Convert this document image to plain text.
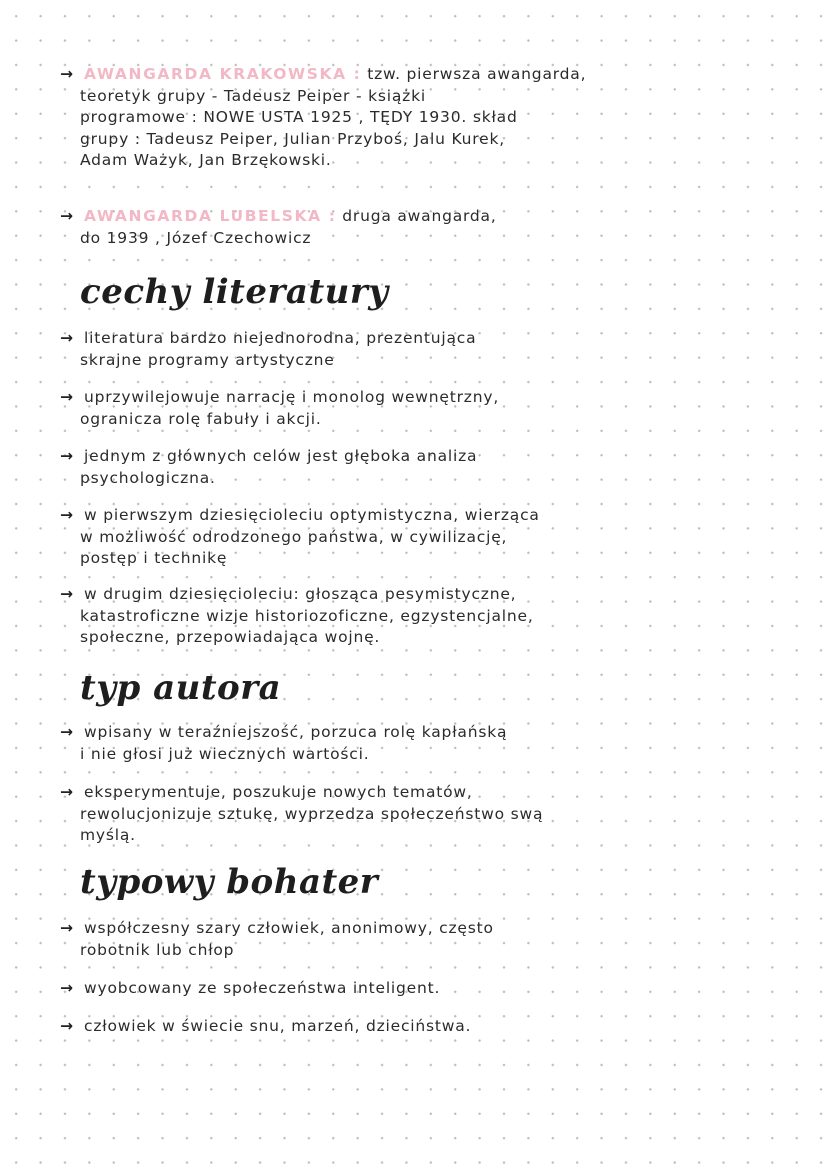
→ AWANGARDA KRAKOWSKA : tzw. pierwsza awangarda,
teoretyk grupy - Tadeusz Peiper - książki
programowe : NOWE USTA 1925 , TĘDY 1930. skład
grupy : Tadeusz Peiper, Julian Przyboś, Jalu Kurek,
Adam Ważyk, Jan Brzękowski.
→ AWANGARDA LUBELSKA : druga awangarda,
do 1939 , Józef Czechowicz
cechy literatury
→ literatura bardzo niejednorodna, prezentująca
skrajne programy artystyczne
→ uprzywilejowuje narrację i monolog wewnętrzny,
ogranicza rolę fabuły i akcji.
→ jednym z głównych celów jest głęboka analiza
psychologiczna.
→ w pierwszym dziesięcioleciu optymistyczna, wierząca
w możliwość odrodzonego państwa, w cywilizację,
postęp i technikę
→ w drugim dziesięcioleciu: głosząca pesymistyczne,
katastroficzne wizje historiozoficzne, egzystencjalne,
społeczne, przepowiadająca wojnę.
typ autora
→ wpisany w teraźniejszość, porzuca rolę kapłańską
i nie głosi już wiecznych wartości.
→ eksperymentuje, poszukuje nowych tematów,
rewolucjonizuje sztukę, wyprzedza społeczeństwo swą
myślą.
typowy bohater
→ współczesny szary człowiek, anonimowy, często
robotnik lub chłop
→ wyobcowany ze społeczeństwa inteligent.
→ człowiek w świecie snu, marzeń, dzieciństwa.
